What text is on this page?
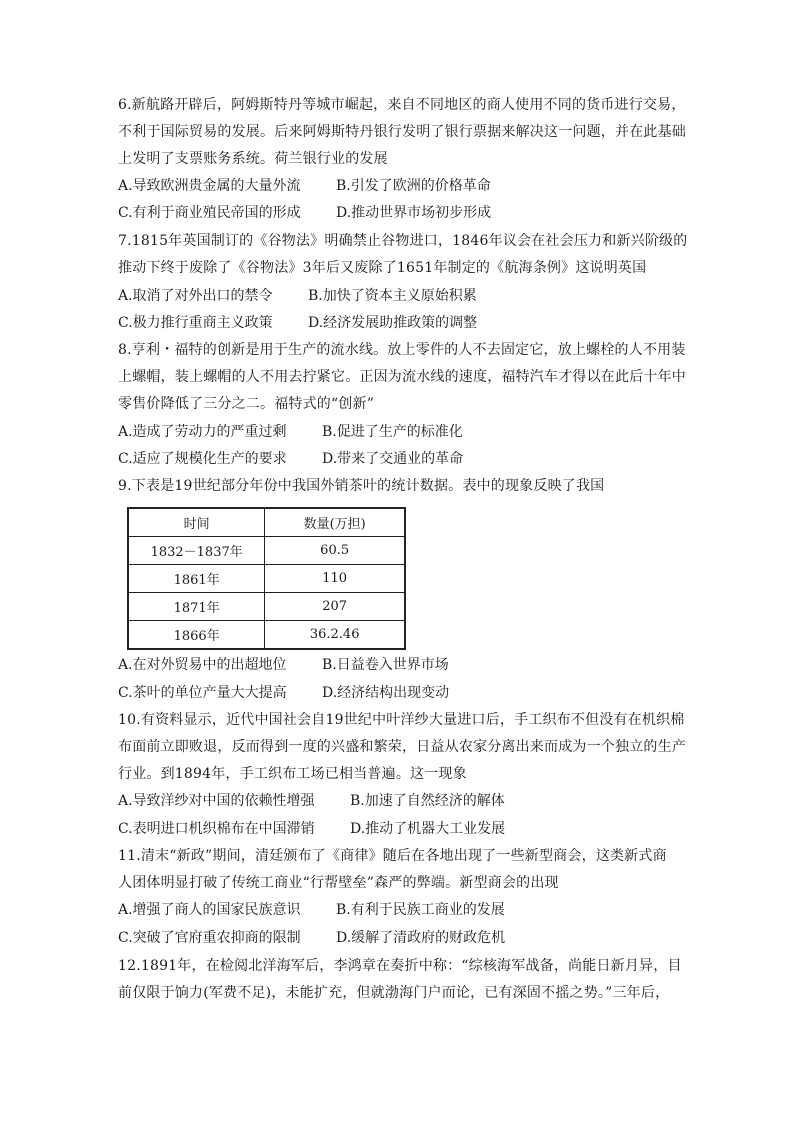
6.新航路开辟后，阿姆斯特丹等城市崛起，来自不同地区的商人使用不同的货币进行交易，
不利于国际贸易的发展。后来阿姆斯特丹银行发明了银行票据来解决这一问题，并在此基础
上发明了支票账务系统。荷兰银行业的发展
A.导致欧洲贵金属的大量外流	B.引发了欧洲的价格革命
C.有利于商业殖民帝国的形成	D.推动世界市场初步形成
7.1815年英国制订的《谷物法》明确禁止谷物进口，1846年议会在社会压力和新兴阶级的
推动下终于废除了《谷物法》3年后又废除了1651年制定的《航海条例》这说明英国
A.取消了对外出口的禁令	B.加快了资本主义原始积累
C.极力推行重商主义政策	D.经济发展助推政策的调整
8.亨利・福特的创新是用于生产的流水线。放上零件的人不去固定它，放上螺栓的人不用装
上螺帽，装上螺帽的人不用去拧紧它。正因为流水线的速度，福特汽车才得以在此后十年中
零售价降低了三分之二。福特式的“创新”
A.造成了劳动力的严重过剩	B.促进了生产的标准化
C.适应了规模化生产的要求	D.带来了交通业的革命
9.下表是19世纪部分年份中我国外销茶叶的统计数据。表中的现象反映了我国
时间	数量(万担)
1832－1837年	60.5
1861年	110
1871年	207
1866年	36.2.46
A.在对外贸易中的出超地位	B.日益卷入世界市场
C.茶叶的单位产量大大提高	D.经济结构出现变动
10.有资料显示，近代中国社会自19世纪中叶洋纱大量进口后，手工织布不但没有在机织棉
布面前立即败退，反而得到一度的兴盛和繁荣，日益从农家分离出来而成为一个独立的生产
行业。到1894年，手工织布工场已相当普遍。这一现象
A.导致洋纱对中国的依赖性增强	B.加速了自然经济的解体
C.表明进口机织棉布在中国滞销	D.推动了机器大工业发展
11.清末“新政”期间，清廷颁布了《商律》随后在各地出现了一些新型商会，这类新式商
人团体明显打破了传统工商业“行帮壁垒”森严的弊端。新型商会的出现
A.增强了商人的国家民族意识	B.有利于民族工商业的发展
C.突破了官府重农抑商的限制	D.缓解了清政府的财政危机
12.1891年，在检阅北洋海军后，李鸿章在奏折中称：“综核海军战备，尚能日新月异，目
前仅限于饷力(军费不足)，未能扩充，但就渤海门户而论，已有深固不摇之势。”三年后，
